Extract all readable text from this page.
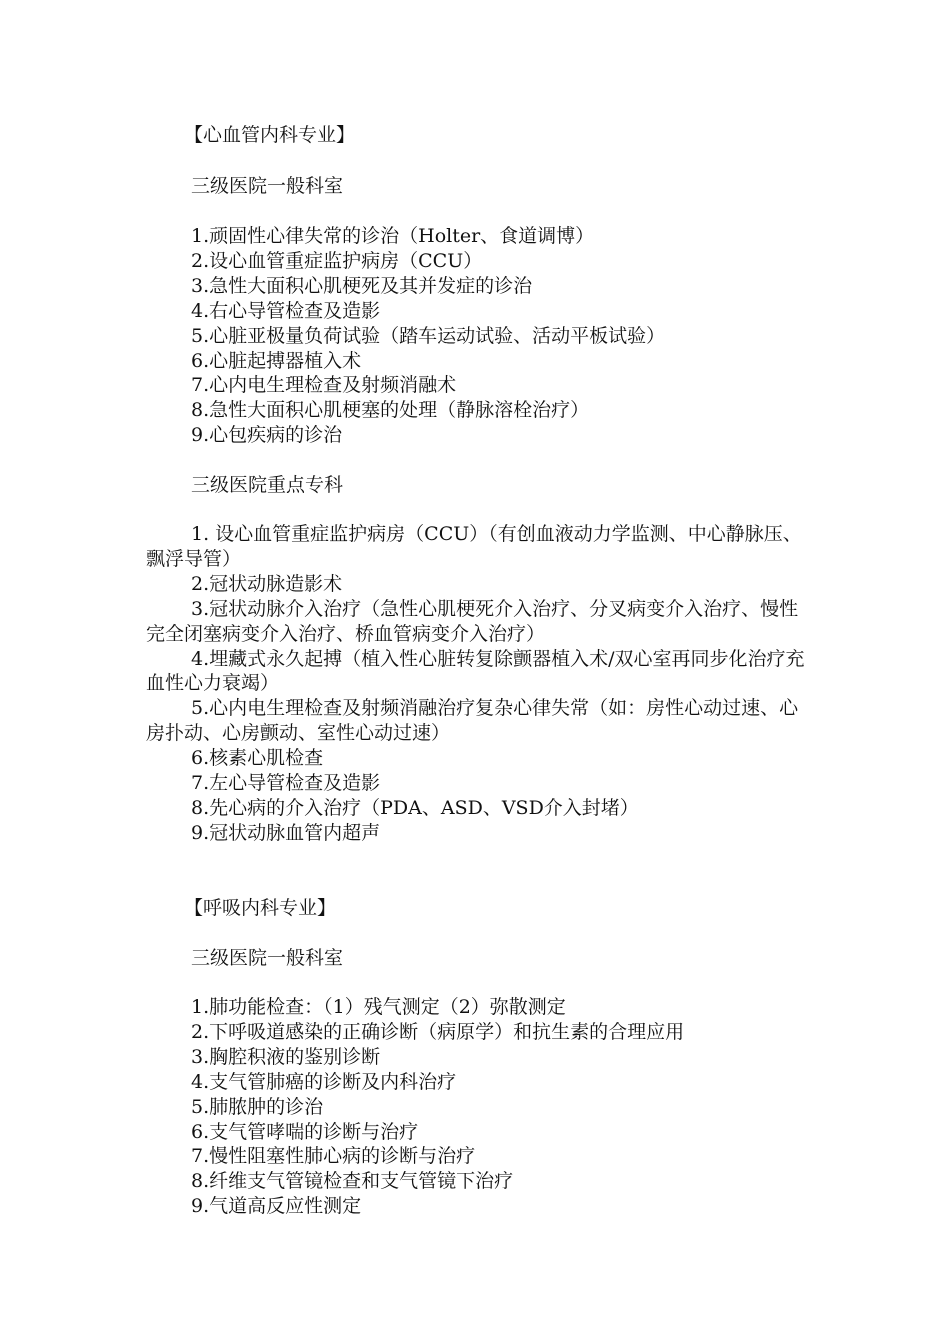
【心血管内科专业】
三级医院一般科室
1.顽固性心律失常的诊治（Holter、食道调博）
2.设心血管重症监护病房（CCU）
3.急性大面积心肌梗死及其并发症的诊治
4.右心导管检查及造影
5.心脏亚极量负荷试验（踏车运动试验、活动平板试验）
6.心脏起搏器植入术
7.心内电生理检查及射频消融术
8.急性大面积心肌梗塞的处理（静脉溶栓治疗）
9.心包疾病的诊治
三级医院重点专科
1. 设心血管重症监护病房（CCU）（有创血液动力学监测、中心静脉压、飘浮导管）
2.冠状动脉造影术
3.冠状动脉介入治疗（急性心肌梗死介入治疗、分叉病变介入治疗、慢性完全闭塞病变介入治疗、桥血管病变介入治疗）
4.埋藏式永久起搏（植入性心脏转复除颤器植入术/双心室再同步化治疗充血性心力衰竭）
5.心内电生理检查及射频消融治疗复杂心律失常（如：房性心动过速、心房扑动、心房颤动、室性心动过速）
6.核素心肌检查
7.左心导管检查及造影
8.先心病的介入治疗（PDA、ASD、VSD介入封堵）
9.冠状动脉血管内超声
【呼吸内科专业】
三级医院一般科室
1.肺功能检查：（1）残气测定（2）弥散测定
2.下呼吸道感染的正确诊断（病原学）和抗生素的合理应用
3.胸腔积液的鉴别诊断
4.支气管肺癌的诊断及内科治疗
5.肺脓肿的诊治
6.支气管哮喘的诊断与治疗
7.慢性阻塞性肺心病的诊断与治疗
8.纤维支气管镜检查和支气管镜下治疗
9.气道高反应性测定
